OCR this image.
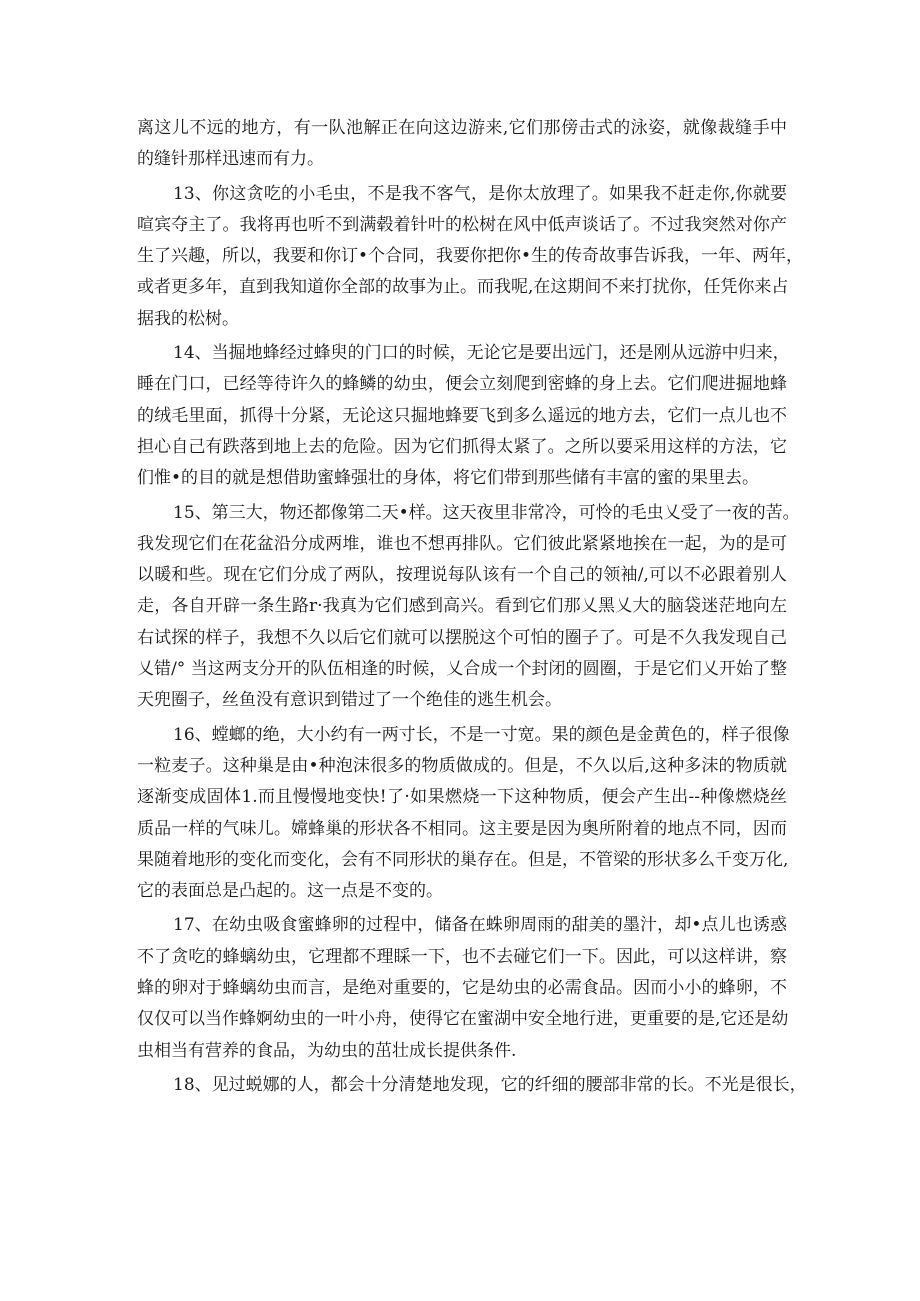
离这儿不远的地方，有一队池解正在向这边游来,它们那傍击式的泳姿，就像裁缝手中
的缝针那样迅速而有力。
13、你这贪吃的小毛虫，不是我不客气，是你太放理了。如果我不赶走你,你就要
喧宾夺主了。我将再也听不到满毂着针叶的松树在风中低声谈话了。不过我突然对你产
生了兴趣，所以，我要和你订•个合同，我要你把你•生的传奇故事告诉我，一年、两年，
或者更多年，直到我知道你全部的故事为止。而我呢,在这期间不来打扰你，任凭你来占
据我的松树。
14、当掘地蜂经过蜂臾的门口的时候，无论它是要出远门，还是刚从远游中归来，
睡在门口，已经等待许久的蜂鳞的幼虫，便会立刻爬到密蜂的身上去。它们爬进掘地蜂
的绒毛里面，抓得十分紧，无论这只掘地蜂要飞到多么遥远的地方去，它们一点儿也不
担心自己有跌落到地上去的危险。因为它们抓得太紧了。之所以要采用这样的方法，它
们惟•的目的就是想借助蜜蜂强壮的身体，将它们带到那些储有丰富的蜜的果里去。
15、第三大，物还都像第二天•样。这天夜里非常冷，可怜的毛虫乂受了一夜的苦。
我发现它们在花盆沿分成两堆，谁也不想再排队。它们彼此紧紧地挨在一起，为的是可
以暖和些。现在它们分成了两队，按理说每队该有一个自己的领袖/,可以不必跟着别人
走，各自开辟一条生路r·我真为它们感到高兴。看到它们那乂黑乂大的脑袋迷茫地向左
右试探的样子，我想不久以后它们就可以摆脱这个可怕的圈子了。可是不久我发现自己
乂错/° 当这两支分开的队伍相逢的时候，乂合成一个封闭的圆圈，于是它们乂开始了整
天兜圈子，丝鱼没有意识到错过了一个绝佳的逃生机会。
16、螳螂的绝，大小约有一两寸长，不是一寸宽。果的颜色是金黄色的，样子很像
一粒麦子。这种巢是由•种泡沫很多的物质做成的。但是，不久以后,这种多沫的物质就
逐渐变成固体1.而且慢慢地变快!了·如果燃烧一下这种物质，便会产生出--种像燃烧丝
质品一样的气味儿。嫦蜂巢的形状各不相同。这主要是因为奥所附着的地点不同，因而
果随着地形的变化而变化，会有不同形状的巢存在。但是，不管梁的形状多么千变万化,
它的表面总是凸起的。这一点是不变的。
17、在幼虫吸食蜜蜂卵的过程中，储备在蛛卵周雨的甜美的墨汁，却•点儿也诱惑
不了贪吃的蜂螭幼虫，它理都不理睬一下，也不去碰它们一下。因此，可以这样讲，察
蜂的卵对于蜂螭幼虫而言，是绝对重要的，它是幼虫的必需食品。因而小小的蜂卵，不
仅仅可以当作蜂婀幼虫的一叶小舟，使得它在蜜湖中安全地行进，更重要的是,它还是幼
虫相当有营养的食品，为幼虫的茁壮成长提供条件.
18、见过蜕娜的人，都会十分清楚地发现，它的纤细的腰部非常的长。不光是很长，
